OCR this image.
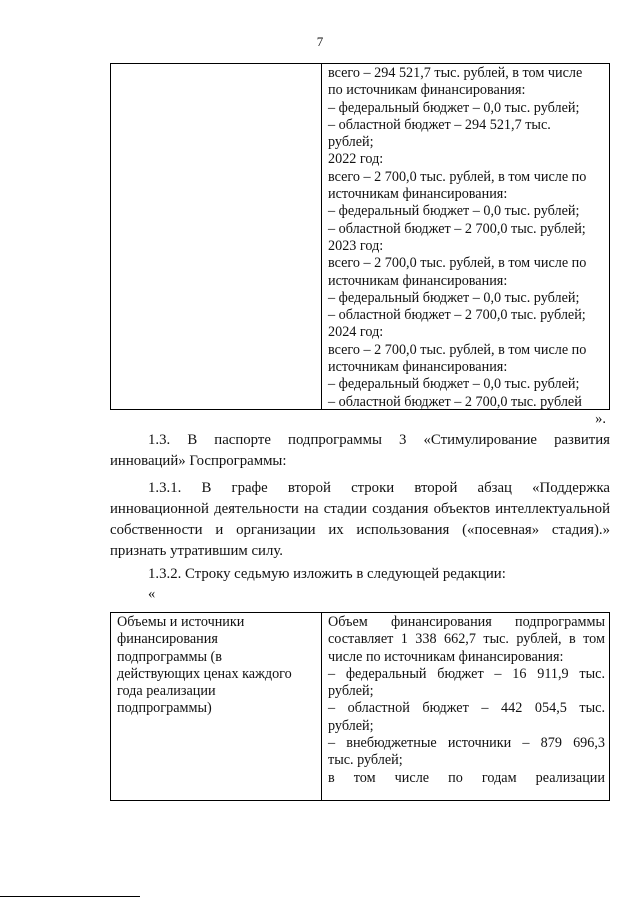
7
всего – 294 521,7 тыс. рублей, в том числе
по источникам финансирования:
– федеральный бюджет – 0,0 тыс. рублей;
– областной бюджет – 294 521,7 тыс.
рублей;
2022 год:
всего – 2 700,0 тыс. рублей, в том числе по
источникам финансирования:
– федеральный бюджет – 0,0 тыс. рублей;
– областной бюджет – 2 700,0 тыс. рублей;
2023 год:
всего – 2 700,0 тыс. рублей, в том числе по
источникам финансирования:
– федеральный бюджет – 0,0 тыс. рублей;
– областной бюджет – 2 700,0 тыс. рублей;
2024 год:
всего – 2 700,0 тыс. рублей, в том числе по
источникам финансирования:
– федеральный бюджет – 0,0 тыс. рублей;
– областной бюджет – 2 700,0 тыс. рублей
».
1.3. В паспорте подпрограммы 3 «Стимулирование развития
инноваций» Госпрограммы:
1.3.1. В графе второй строки второй абзац «Поддержка
инновационной деятельности на стадии создания объектов интеллектуальной
собственности и организации их использования («посевная» стадия).»
признать утратившим силу.
1.3.2. Строку седьмую изложить в следующей редакции:
«
Объемы и источники
финансирования
подпрограммы (в
действующих ценах каждого
года реализации
подпрограммы)
Объем финансирования подпрограммы
составляет 1 338 662,7 тыс. рублей, в том
числе по источникам финансирования:
– федеральный бюджет – 16 911,9 тыс.
рублей;
– областной бюджет – 442 054,5 тыс.
рублей;
– внебюджетные источники – 879 696,3
тыс. рублей;
в том числе по годам реализации
